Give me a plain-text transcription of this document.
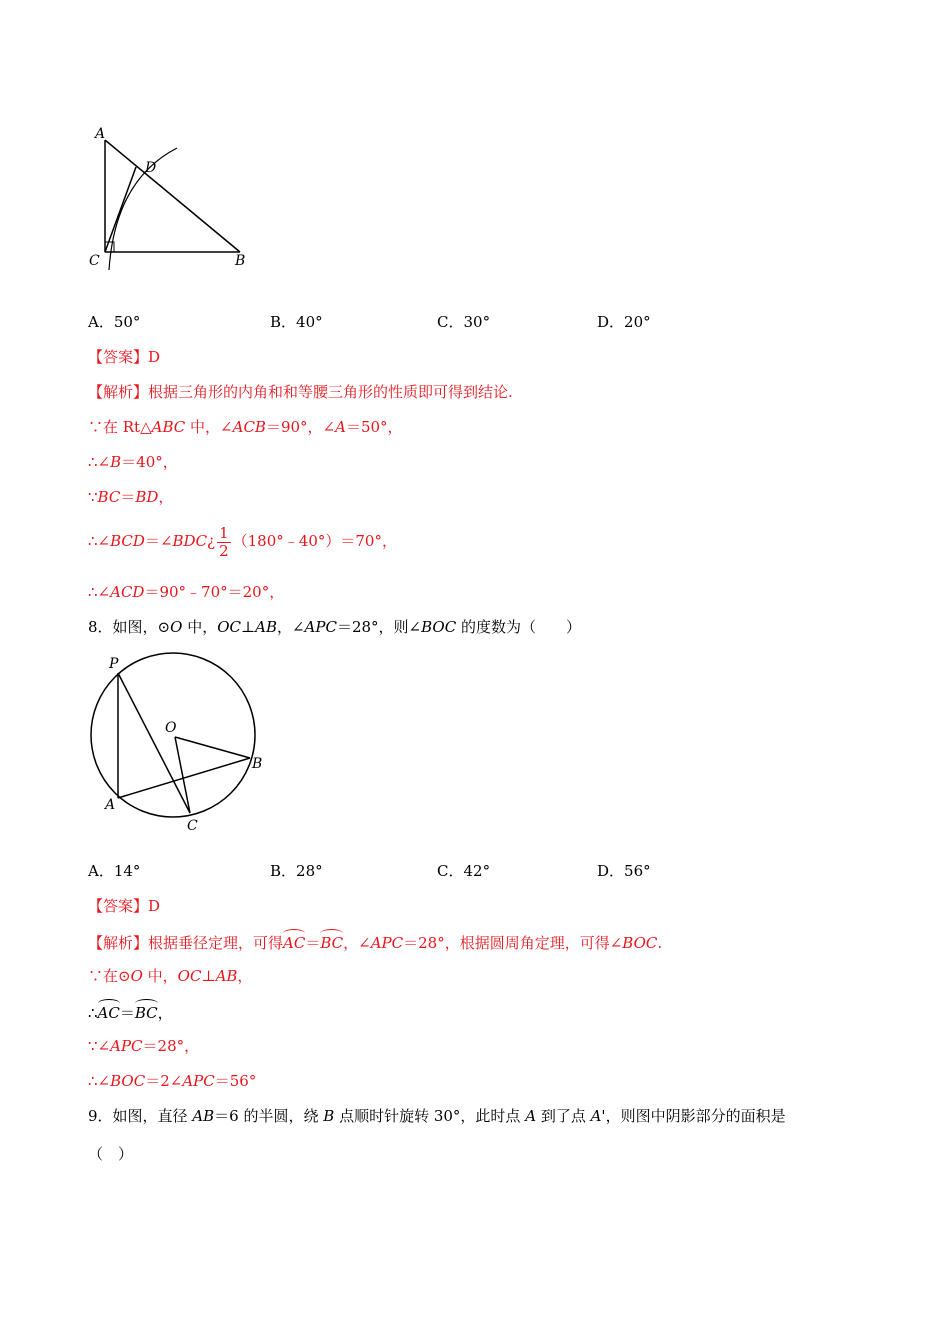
A
D
C	B
A．50°	B．40°	C．30°	D．20°
【答案】D
【解析】根据三角形的内角和和等腰三角形的性质即可得到结论.
∵在 Rt△ABC 中，∠ACB＝90°，∠A＝50°，
∴∠B＝40°，
∵BC＝BD，
∴∠BCD＝∠BDC¿ $\frac{1}{2}$ （180°﹣40°）＝70°，
∴∠ACD＝90°﹣70°＝20°，
8．如图，⊙O 中，OC⊥AB，∠APC＝28°，则∠BOC 的度数为（　　）
P
O
B
A
C
A．14°	B．28°	C．42°	D．56°
【答案】D
【解析】根据垂径定理，可得AC＝BC，∠APC＝28°，根据圆周角定理，可得∠BOC.
∵在⊙O 中，OC⊥AB，
∴AC＝BC，
∵∠APC＝28°，
∴∠BOC＝2∠APC＝56°
9．如图，直径 AB＝6 的半圆，绕 B 点顺时针旋转 30°，此时点 A 到了点 A'，则图中阴影部分的面积是
（　）
